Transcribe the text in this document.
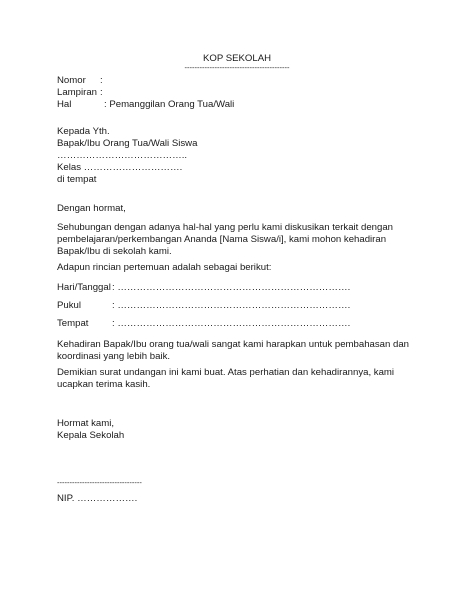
KOP SEKOLAH
------------------------------------------
Nomor :
Lampiran :
Hal	: Pemanggilan Orang Tua/Wali
Kepada Yth.
Bapak/Ibu Orang Tua/Wali Siswa
…………………………………..
Kelas ………………………….
di tempat
Dengan hormat,
Sehubungan dengan adanya hal-hal yang perlu kami diskusikan terkait dengan pembelajaran/perkembangan Ananda [Nama Siswa/i], kami mohon kehadiran Bapak/Ibu di sekolah kami.
Adapun rincian pertemuan adalah sebagai berikut:
Hari/Tanggal : ……………………………………………………………….
Pukul	: ……………………………………………………………….
Tempat : ……………………………………………………………….
Kehadiran Bapak/Ibu orang tua/wali sangat kami harapkan untuk pembahasan dan koordinasi yang lebih baik.
Demikian surat undangan ini kami buat. Atas perhatian dan kehadirannya, kami ucapkan terima kasih.
Hormat kami,
Kepala Sekolah
----------------------------------
NIP. ……………….
